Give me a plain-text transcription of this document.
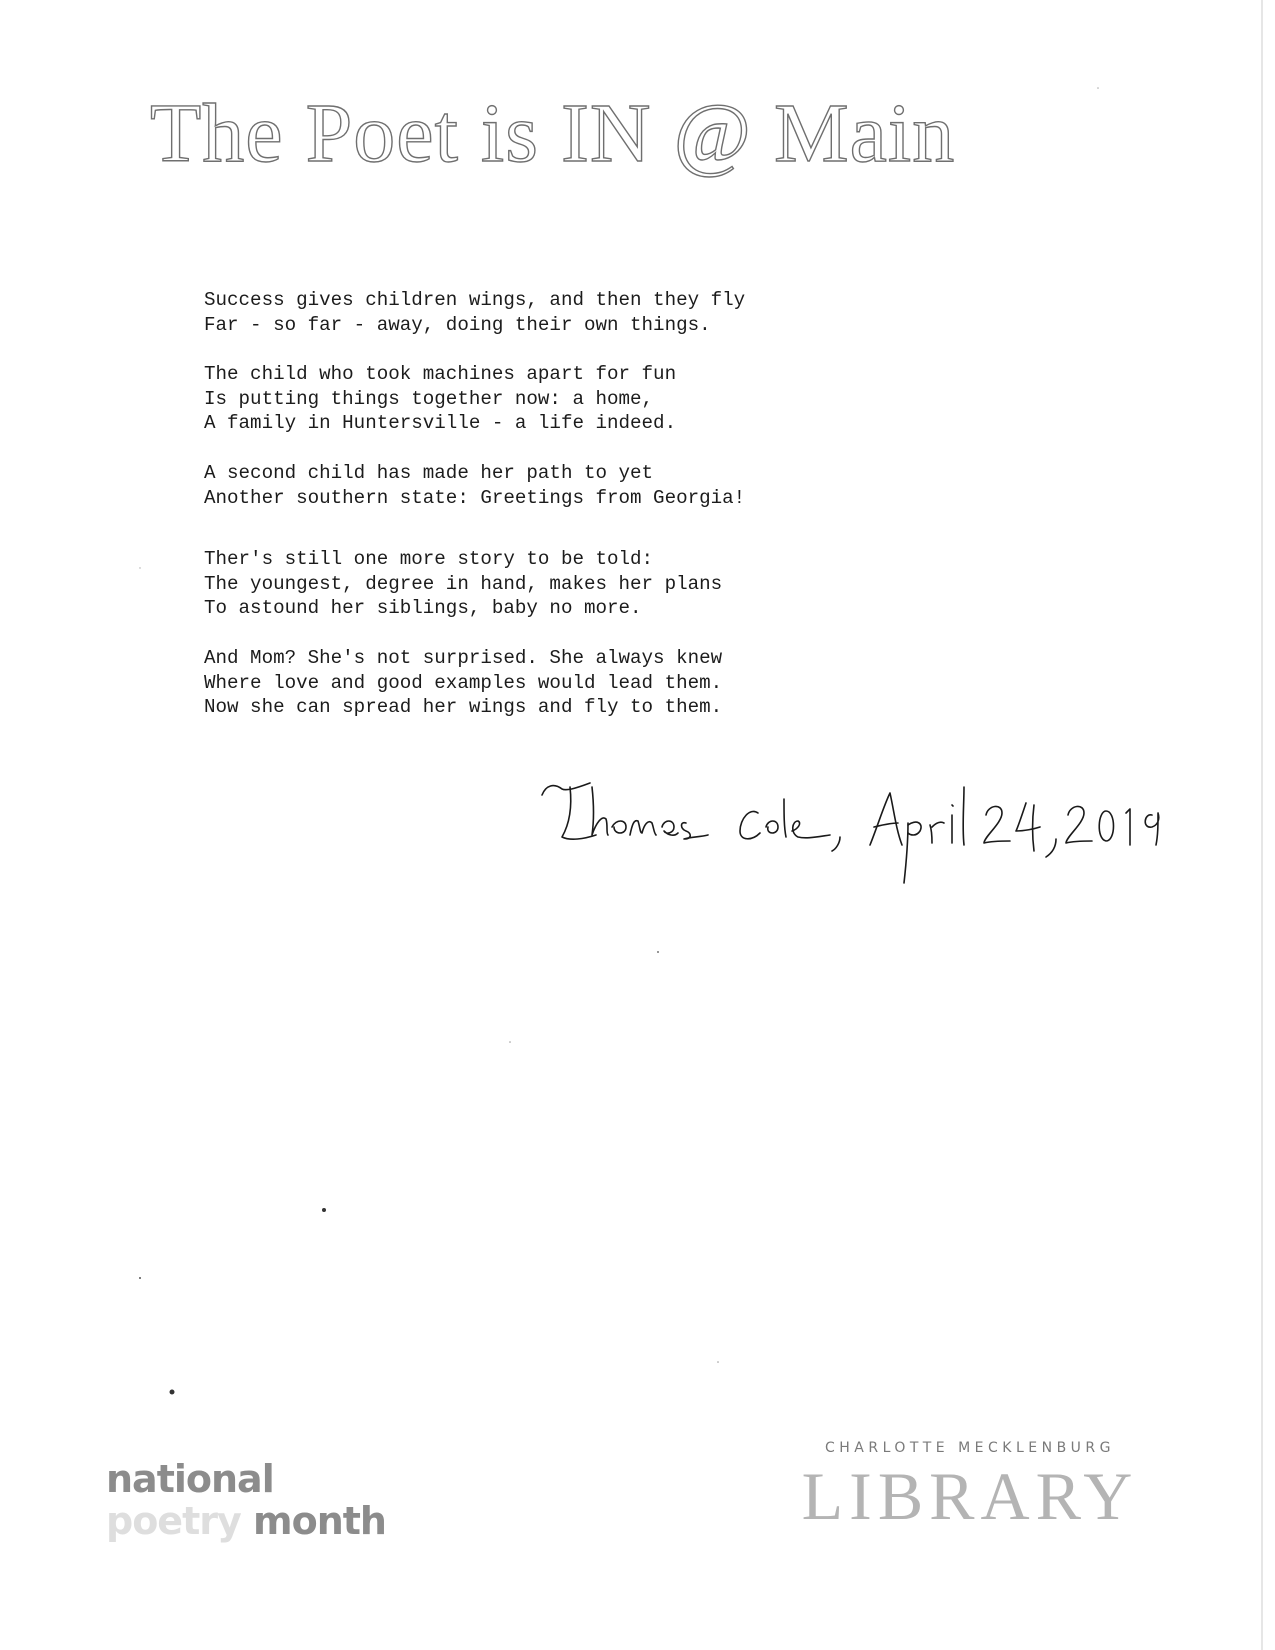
The Poet is IN @ Main
Success gives children wings, and then they fly
Far - so far - away, doing their own things.
The child who took machines apart for fun
Is putting things together now: a home,
A family in Huntersville - a life indeed.
A second child has made her path to yet
Another southern state: Greetings from Georgia!
Ther's still one more story to be told:
The youngest, degree in hand, makes her plans
To astound her siblings, baby no more.
And Mom? She's not surprised. She always knew
Where love and good examples would lead them.
Now she can spread her wings and fly to them.
national
poetry month
CHARLOTTE MECKLENBURG
LIBRARY
